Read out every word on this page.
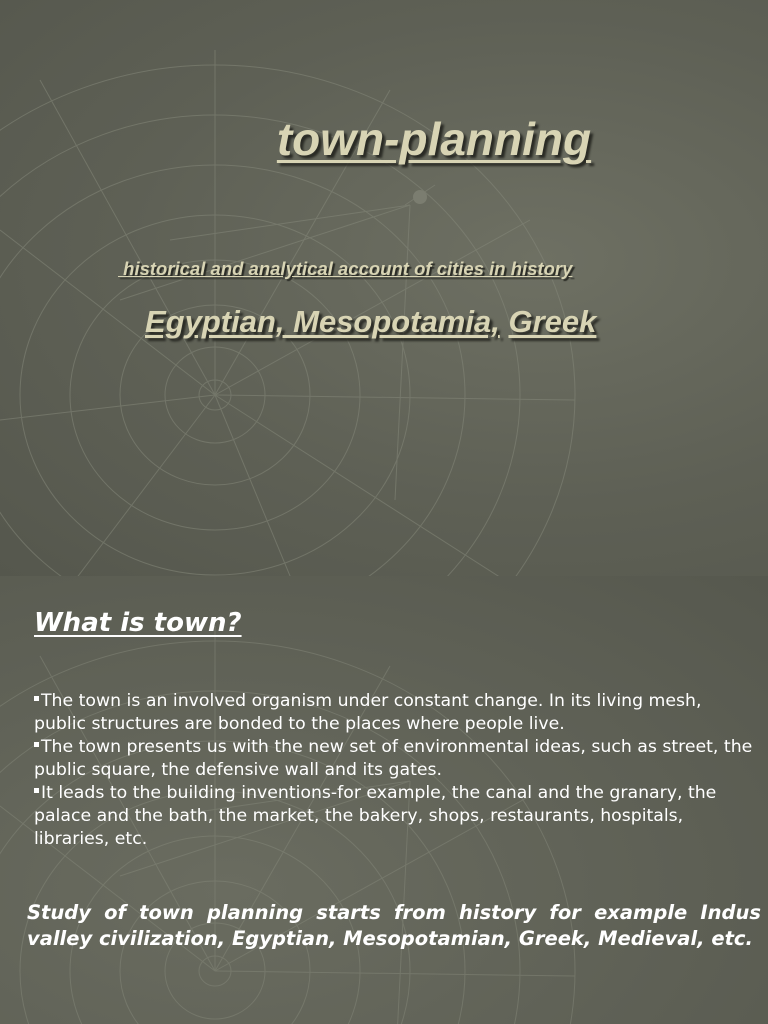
town-planning
historical and analytical account of cities in history
Egyptian, Mesopotamia, Greek
What is town?
The town is an involved organism under constant change. In its living mesh, public structures are bonded to the places where people live.
The town presents us with the new set of environmental ideas, such as street, the public square, the defensive wall and its gates.
It leads to the building inventions-for example, the canal and the granary, the palace and the bath, the market, the bakery, shops, restaurants, hospitals, libraries, etc.

Study of town planning starts from history for example Indus valley civilization, Egyptian, Mesopotamian, Greek, Medieval, etc.
